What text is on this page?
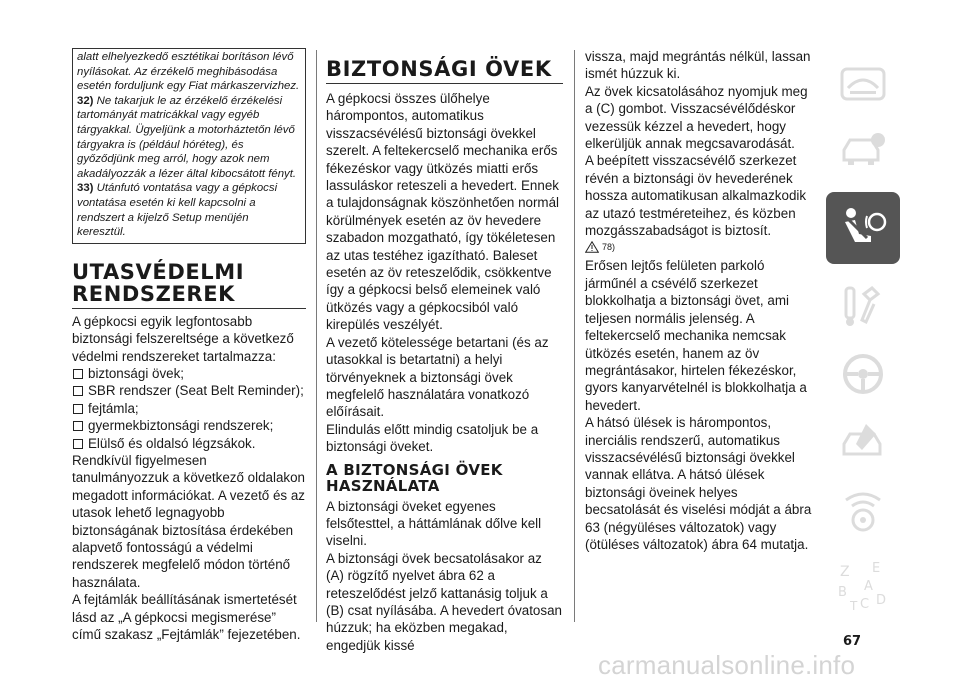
alatt elhelyezkedő esztétikai borításon lévő nyílásokat. Az érzékelő meghibásodása esetén forduljunk egy Fiat márkaszervizhez.

32) Ne takarjuk le az érzékelő érzékelési tartományát matricákkal vagy egyéb tárgyakkal. Ügyeljünk a motorháztetőn lévő tárgyakra is (például hóréteg), és győződjünk meg arról, hogy azok nem akadályozzák a lézer által kibocsátott fényt.

33) Utánfutó vontatása vagy a gépkocsi vontatása esetén ki kell kapcsolni a rendszert a kijelző Setup menüjén keresztül.

UTASVÉDELMI
RENDSZEREK

A gépkocsi egyik legfontosabb biztonsági felszereltsége a következő védelmi rendszereket tartalmazza:

biztonsági övek;
SBR rendszer (Seat Belt Reminder);
fejtámla;
gyermekbiztonsági rendszerek;
Elülső és oldalsó légzsákok.

Rendkívül figyelmesen tanulmányozzuk a következő oldalakon megadott információkat. A vezető és az utasok lehető legnagyobb biztonságának biztosítása érdekében alapvető fontosságú a védelmi rendszerek megfelelő módon történő használata.

A fejtámlák beállításának ismertetését lásd az „A gépkocsi megismerése” című szakasz „Fejtámlák” fejezetében.

BIZTONSÁGI ÖVEK

A gépkocsi összes ülőhelye hárompontos, automatikus visszacsévélésű biztonsági övekkel szerelt. A feltekercselő mechanika erős fékezéskor vagy ütközés miatti erős lassuláskor reteszeli a hevedert. Ennek a tulajdonságnak köszönhetően normál körülmények esetén az öv hevedere szabadon mozgatható, így tökéletesen az utas testéhez igazítható. Baleset esetén az öv reteszelődik, csökkentve így a gépkocsi belső elemeinek való ütközés vagy a gépkocsiból való kirepülés veszélyét.

A vezető kötelessége betartani (és az utasokkal is betartatni) a helyi törvényeknek a biztonsági övek megfelelő használatára vonatkozó előírásait.

Elindulás előtt mindig csatoljuk be a biztonsági öveket.

A BIZTONSÁGI ÖVEK
HASZNÁLATA

A biztonsági öveket egyenes felsőtesttel, a háttámlának dőlve kell viselni.

A biztonsági övek becsatolásakor az (A) rögzítő nyelvet ábra 62 a reteszelődést jelző kattanásig toljuk a (B) csat nyílásába. A hevedert óvatosan húzzuk; ha eközben megakad, engedjük kissé

vissza, majd megrántás nélkül, lassan ismét húzzuk ki.

Az övek kicsatolásához nyomjuk meg a (C) gombot. Visszacsévélődéskor vezessük kézzel a hevedert, hogy elkerüljük annak megcsavarodását.

A beépített visszacsévélő szerkezet révén a biztonsági öv hevederének hossza automatikusan alkalmazkodik az utazó testméreteihez, és közben mozgásszabadságot is biztosít.

78)

Erősen lejtős felületen parkoló járműnél a csévélő szerkezet blokkolhatja a biztonsági övet, ami teljesen normális jelenség. A feltekercselő mechanika nemcsak ütközés esetén, hanem az öv megrántásakor, hirtelen fékezéskor, gyors kanyarvételnél is blokkolhatja a hevedert.

A hátsó ülések is hárompontos, inerciális rendszerű, automatikus visszacsévélésű biztonsági övekkel vannak ellátva. A hátsó ülések biztonsági öveinek helyes becsatolását és viselési módját a ábra 63 (négyüléses változatok) vagy (ötüléses változatok) ábra 64 mutatja.

Z E
B A
C
T D
67
carmanualsonline.info
